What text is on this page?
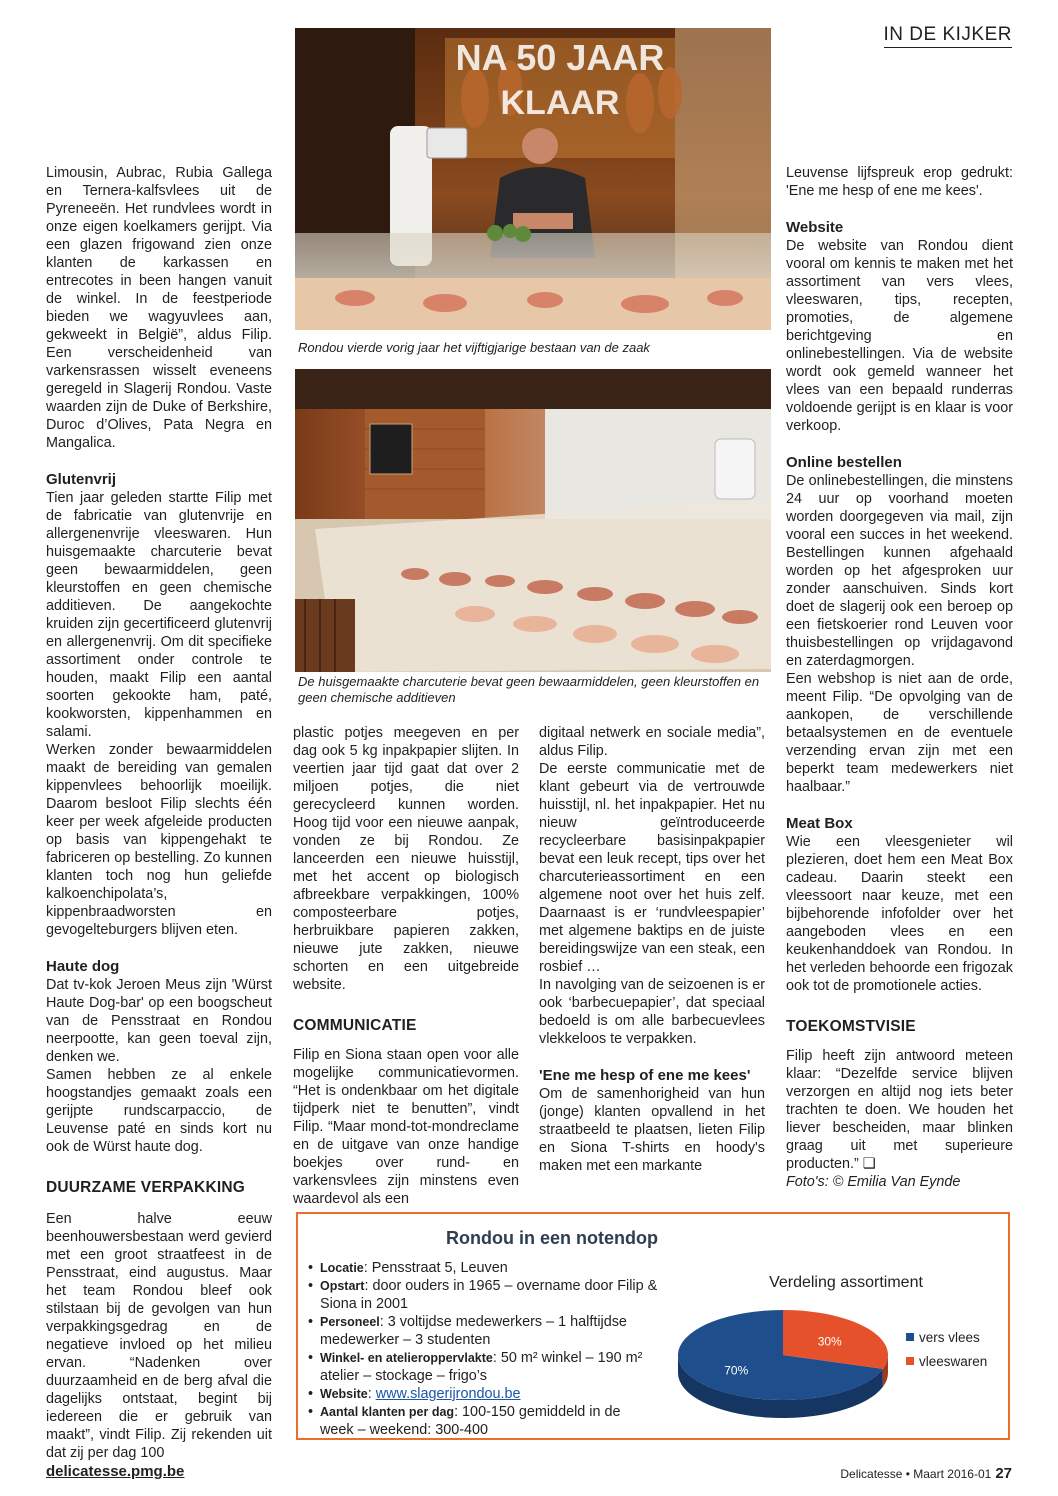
IN DE KIJKER
NA 50 JAAR
KLAAR
Rondou vierde vorig jaar het vijftigjarige bestaan van de zaak
De huisgemaakte charcuterie bevat geen bewaarmiddelen, geen kleurstoffen en geen chemische additieven

Limousin, Aubrac, Rubia Gallega en Ternera-kalfsvlees uit de Pyreneeën. Het rundvlees wordt in onze eigen koelkamers gerijpt. Via een glazen frigowand zien onze klanten de karkassen en entrecotes in been hangen vanuit de winkel. In de feestperiode bieden we wagyuvlees aan, gekweekt in België”, aldus Filip. Een verscheidenheid van varkensrassen wisselt eveneens geregeld in Slagerij Rondou. Vaste waarden zijn de Duke of Berkshire, Duroc d’Olives, Pata Negra en Mangalica.

Glutenvrij

Tien jaar geleden startte Filip met de fabricatie van glutenvrije en allergenenvrije vleeswaren. Hun huisgemaakte charcuterie bevat geen bewaarmiddelen, geen kleurstoffen en geen chemische additieven. De aangekochte kruiden zijn gecertificeerd glutenvrij en allergenenvrij. Om dit specifieke assortiment onder controle te houden, maakt Filip een aantal soorten gekookte ham, paté, kookworsten, kippenhammen en salami.

Werken zonder bewaarmiddelen maakt de bereiding van gemalen kippenvlees behoorlijk moeilijk. Daarom besloot Filip slechts één keer per week afgeleide producten op basis van kippengehakt te fabriceren op bestelling. Zo kunnen klanten toch nog hun geliefde kalkoenchipolata’s, kippenbraadworsten en gevogelteburgers blijven eten.

Haute dog

Dat tv-kok Jeroen Meus zijn 'Würst Haute Dog-bar' op een boogscheut van de Pensstraat en Rondou neerpootte, kan geen toeval zijn, denken we.

Samen hebben ze al enkele hoogstandjes gemaakt zoals een gerijpte rundscarpaccio, de Leuvense paté en sinds kort nu ook de Würst haute dog.

DUURZAME VERPAKKING

Een halve eeuw beenhouwersbestaan werd gevierd met een groot straatfeest in de Pensstraat, eind augustus. Maar het team Rondou bleef ook stilstaan bij de gevolgen van hun verpakkingsgedrag en de negatieve invloed op het milieu ervan. “Nadenken over duurzaamheid en de berg afval die dagelijks ontstaat, begint bij iedereen die er gebruik van maakt”, vindt Filip. Zij rekenden uit dat zij per dag 100

plastic potjes meegeven en per dag ook 5 kg inpakpapier slijten. In veertien jaar tijd gaat dat over 2 miljoen potjes, die niet gerecycleerd kunnen worden. Hoog tijd voor een nieuwe aanpak, vonden ze bij Rondou. Ze lanceerden een nieuwe huisstijl, met het accent op biologisch afbreekbare verpakkingen, 100% composteerbare potjes, herbruikbare papieren zakken, nieuwe jute zakken, nieuwe schorten en een uitgebreide website.

COMMUNICATIE

Filip en Siona staan open voor alle mogelijke communicatievormen. “Het is ondenkbaar om het digitale tijdperk niet te benutten”, vindt Filip. “Maar mond-tot-mondreclame en de uitgave van onze handige boekjes over rund- en varkensvlees zijn minstens even waardevol als een

digitaal netwerk en sociale media”, aldus Filip.

De eerste communicatie met de klant gebeurt via de vertrouwde huisstijl, nl. het inpakpapier. Het nu nieuw geïntroduceerde recycleerbare basisinpakpapier bevat een leuk recept, tips over het charcuterieassortiment en een algemene noot over het huis zelf. Daarnaast is er ‘rundvleespapier’ met algemene baktips en de juiste bereidingswijze van een steak, een rosbief …

In navolging van de seizoenen is er ook ‘barbecuepapier’, dat speciaal bedoeld is om alle barbecuevlees vlekkeloos te verpakken.

'Ene me hesp of ene me kees'

Om de samenhorigheid van hun (jonge) klanten opvallend in het straatbeeld te plaatsen, lieten Filip en Siona T-shirts en hoody's maken met een markante

Leuvense lijfspreuk erop gedrukt: 'Ene me hesp of ene me kees'.

Website

De website van Rondou dient vooral om kennis te maken met het assortiment van vers vlees, vleeswaren, tips, recepten, promoties, de algemene berichtgeving en onlinebestellingen. Via de website wordt ook gemeld wanneer het vlees van een bepaald runderras voldoende gerijpt is en klaar is voor verkoop.

Online bestellen

De onlinebestellingen, die minstens 24 uur op voorhand moeten worden doorgegeven via mail, zijn vooral een succes in het weekend. Bestellingen kunnen afgehaald worden op het afgesproken uur zonder aanschuiven. Sinds kort doet de slagerij ook een beroep op een fietskoerier rond Leuven voor thuisbestellingen op vrijdagavond en zaterdagmorgen.

Een webshop is niet aan de orde, meent Filip. “De opvolging van de aankopen, de verschillende betaalsystemen en de eventuele verzending ervan zijn met een beperkt team medewerkers niet haalbaar.”

Meat Box

Wie een vleesgenieter wil plezieren, doet hem een Meat Box cadeau. Daarin steekt een vleessoort naar keuze, met een bijbehorende infofolder over het aangeboden vlees en een keukenhanddoek van Rondou. In het verleden behoorde een frigozak ook tot de promotionele acties.

TOEKOMSTVISIE

Filip heeft zijn antwoord meteen klaar: “Dezelfde service blijven verzorgen en altijd nog iets beter trachten te doen. We houden het liever bescheiden, maar blinken graag uit met superieure producten.” ❑

Foto's: © Emilia Van Eynde

Rondou in een notendop
• Locatie: Pensstraat 5, Leuven
• Opstart: door ouders in 1965 – overname door Filip & Siona in 2001
• Personeel: 3 voltijdse medewerkers – 1 halftijdse medewerker – 3 studenten
• Winkel- en atelieroppervlakte: 50 m² winkel – 190 m² atelier – stockage – frigo’s
• Website: www.slagerijrondou.be
• Aantal klanten per dag: 100-150 gemiddeld in de week – weekend: 300-400
Verdeling assortiment
70%
30%	vers vlees
vleeswaren
delicatesse.pmg.be	Delicatesse • Maart 2016-01 27
